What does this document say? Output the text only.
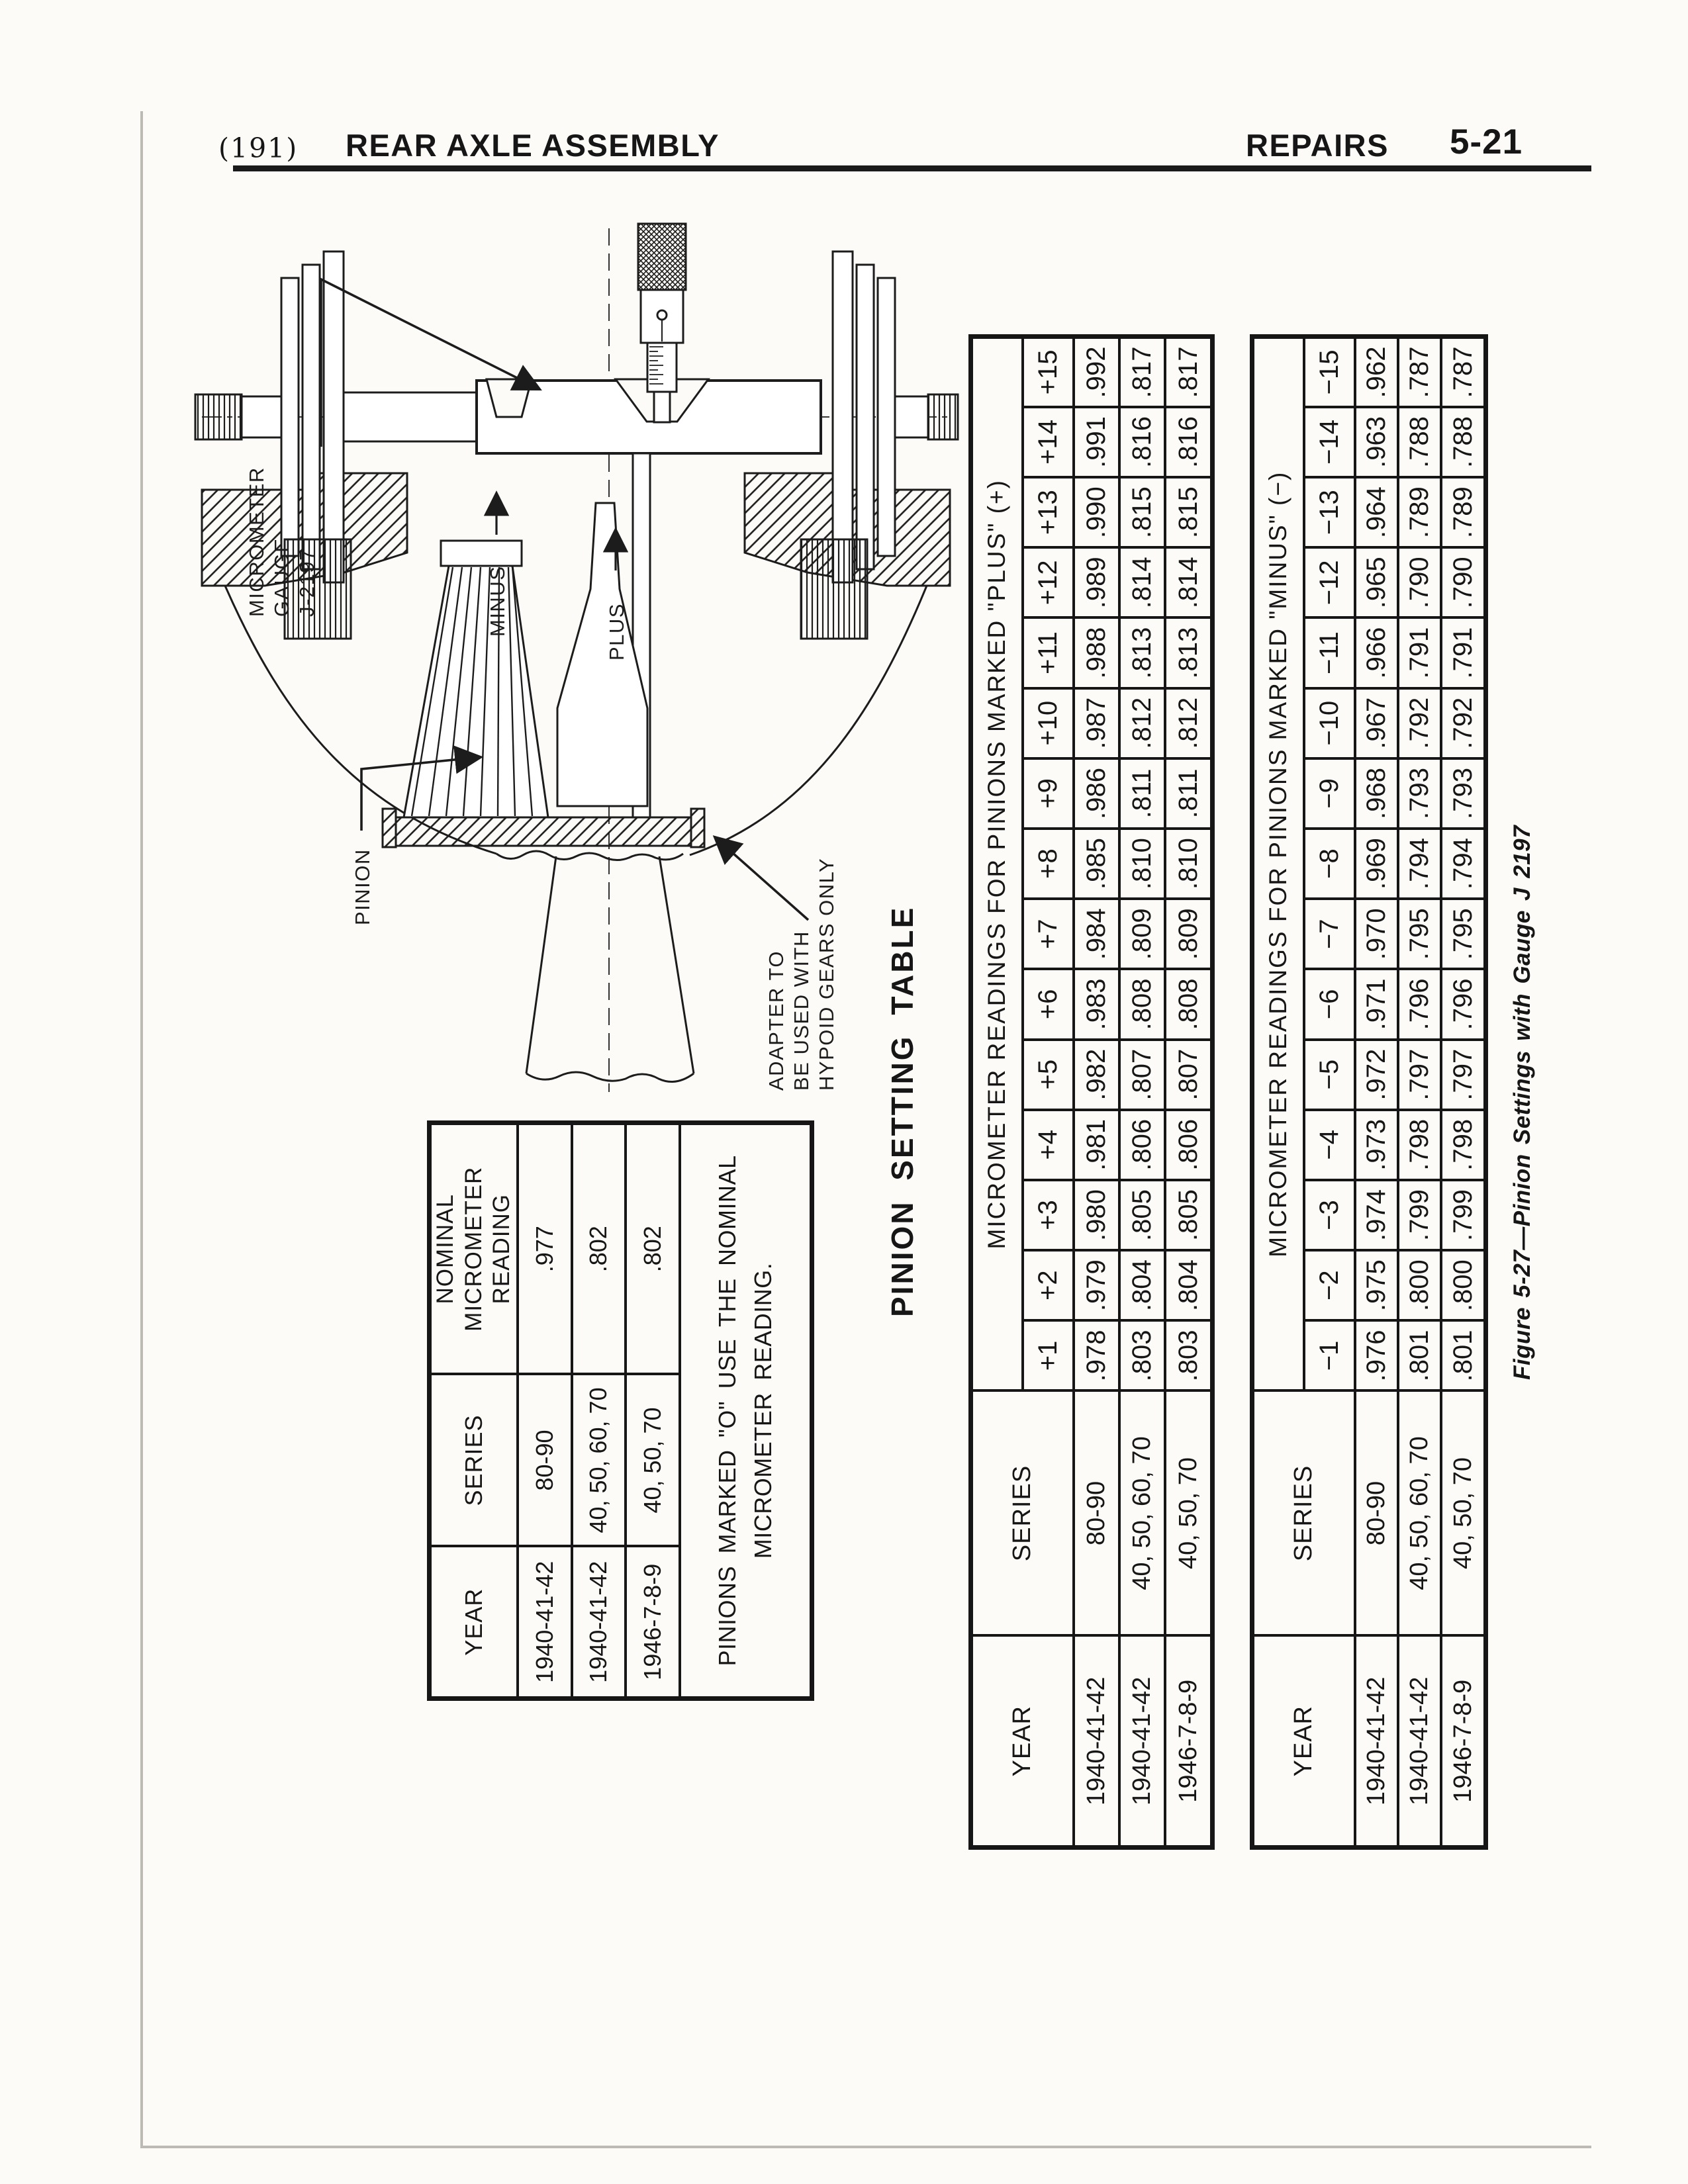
(191) REAR AXLE ASSEMBLY	REPAIRS 5-21
MICROMETER GAUGE J-2197	MINUS	PLUS
PINION
ADAPTER TO BE USED WITH HYPOID GEARS ONLY
YEAR	SERIES	NOMINAL MICROMETER READING

1940-41-42	80-90	.977
1940-41-42	40, 50, 60, 70	.802
1946-7-8-9	40, 50, 70	.802

PINIONS MARKED "O" USE THE NOMINAL MICROMETER READING.		
PINION SETTING TABLE
YEAR	SERIES	MICROMETER READINGS FOR PINIONS MARKED "PLUS" (+)														
		+1	+2	+3	+4	+5	+6	+7	+8	+9	+10	+11	+12	+13	+14	+15
1940-41-42	80-90	.978	.979	.980	.981	.982	.983	.984	.985	.986	.987	.988	.989	.990	.991	.992
1940-41-42	40, 50, 60, 70	.803	.804	.805	.806	.807	.808	.809	.810	.811	.812	.813	.814	.815	.816	.817
1946-7-8-9	40, 50, 70	.803	.804	.805	.806	.807	.808	.809	.810	.811	.812	.813	.814	.815	.816	.817
YEAR	SERIES	MICROMETER READINGS FOR PINIONS MARKED "MINUS" (−)														
		−1	−2	−3	−4	−5	−6	−7	−8	−9	−10	−11	−12	−13	−14	−15
1940-41-42	80-90	.976	.975	.974	.973	.972	.971	.970	.969	.968	.967	.966	.965	.964	.963	.962
1940-41-42	40, 50, 60, 70	.801	.800	.799	.798	.797	.796	.795	.794	.793	.792	.791	.790	.789	.788	.787
1946-7-8-9	40, 50, 70	.801	.800	.799	.798	.797	.796	.795	.794	.793	.792	.791	.790	.789	.788	.787
Figure 5-27—Pinion Settings with Gauge J 2197
